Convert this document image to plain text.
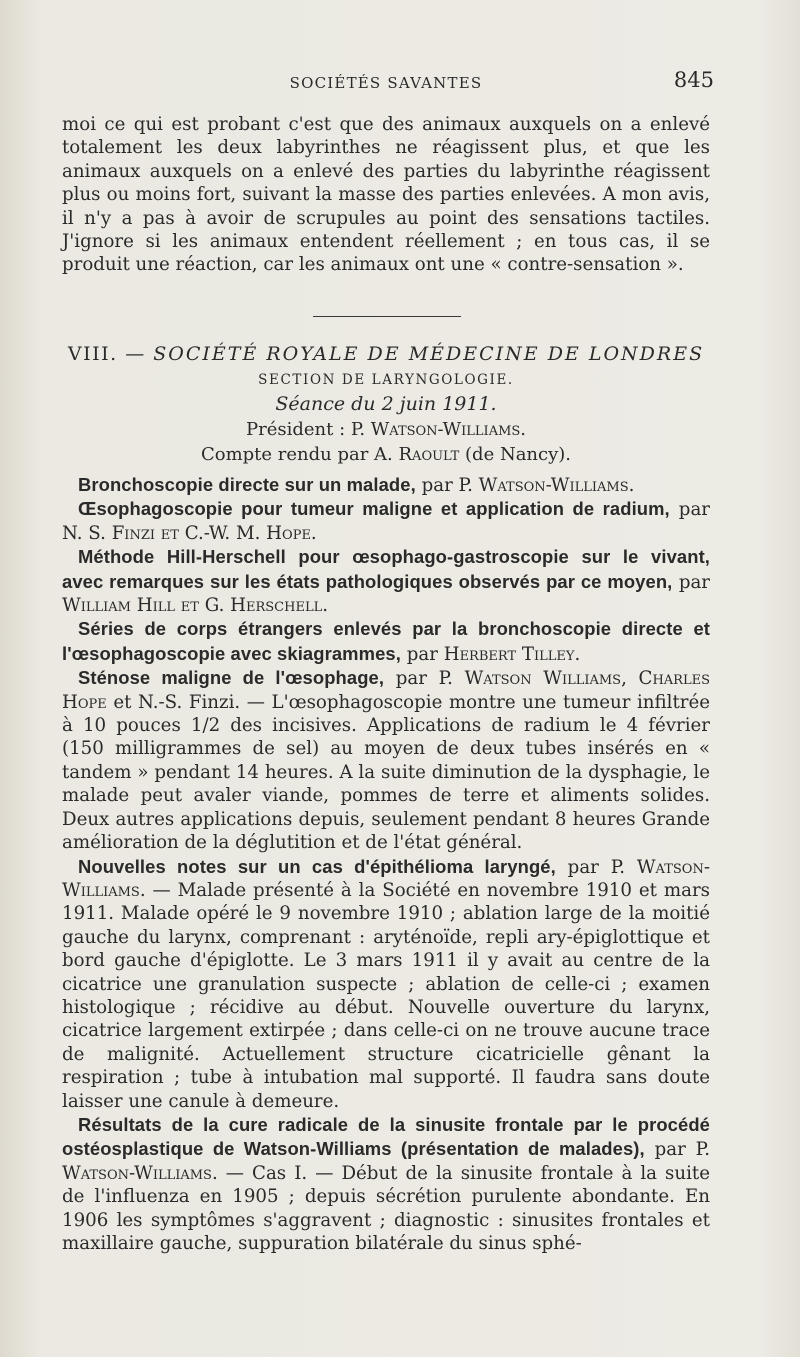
SOCIÉTÉS SAVANTES	845

moi ce qui est probant c'est que des animaux auxquels on a enlevé totalement les deux labyrinthes ne réagissent plus, et que les animaux auxquels on a enlevé des parties du labyrinthe réagissent plus ou moins fort, suivant la masse des parties enlevées. A mon avis, il n'y a pas à avoir de scrupules au point des sensations tactiles. J'ignore si les animaux entendent réellement ; en tous cas, il se produit une réaction, car les animaux ont une « contre-sensation ».

VIII. — SOCIÉTÉ ROYALE DE MÉDECINE DE LONDRES
SECTION DE LARYNGOLOGIE.
Séance du 2 juin 1911.
Président : P. Watson-Williams.
Compte rendu par A. Raoult (de Nancy).

Bronchoscopie directe sur un malade, par P. Watson-Williams.

Œsophagoscopie pour tumeur maligne et application de radium, par N. S. Finzi et C.-W. M. Hope.

Méthode Hill-Herschell pour œsophago-gastroscopie sur le vivant, avec remarques sur les états pathologiques observés par ce moyen, par William Hill et G. Herschell.

Séries de corps étrangers enlevés par la bronchoscopie directe et l'œsophagoscopie avec skiagrammes, par Herbert Tilley.

Sténose maligne de l'œsophage, par P. Watson Williams, Charles Hope et N.-S. Finzi. — L'œsophagoscopie montre une tumeur infiltrée à 10 pouces 1/2 des incisives. Applications de radium le 4 février (150 milligrammes de sel) au moyen de deux tubes insérés en « tandem » pendant 14 heures. A la suite diminution de la dysphagie, le malade peut avaler viande, pommes de terre et aliments solides. Deux autres applications depuis, seulement pendant 8 heures Grande amélioration de la déglutition et de l'état général.

Nouvelles notes sur un cas d'épithélioma laryngé, par P. Watson-Williams. — Malade présenté à la Société en novembre 1910 et mars 1911. Malade opéré le 9 novembre 1910 ; ablation large de la moitié gauche du larynx, comprenant : aryténoïde, repli ary-épiglottique et bord gauche d'épiglotte. Le 3 mars 1911 il y avait au centre de la cicatrice une granulation suspecte ; ablation de celle-ci ; examen histologique ; récidive au début. Nouvelle ouverture du larynx, cicatrice largement extirpée ; dans celle-ci on ne trouve aucune trace de malignité. Actuellement structure cicatricielle gênant la respiration ; tube à intubation mal supporté. Il faudra sans doute laisser une canule à demeure.

Résultats de la cure radicale de la sinusite frontale par le procédé ostéosplastique de Watson-Williams (présentation de malades), par P. Watson-Williams. — Cas I. — Début de la sinusite frontale à la suite de l'influenza en 1905 ; depuis sécrétion purulente abondante. En 1906 les symptômes s'aggravent ; diagnostic : sinusites frontales et maxillaire gauche, suppuration bilatérale du sinus sphé-
